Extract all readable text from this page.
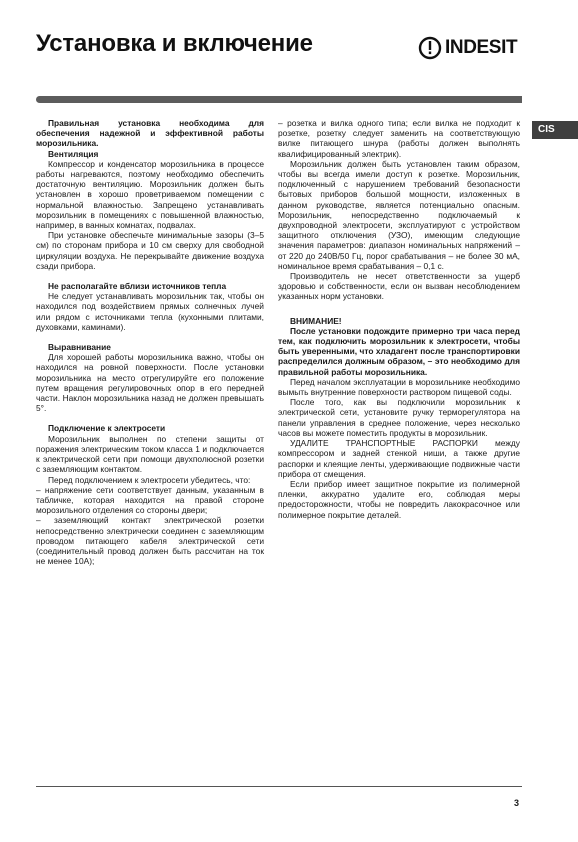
Установка и включение	INDESIT
CIS

Правильная установка необходима для обеспечения надежной и эффективной работы морозильника.

Вентиляция

Компрессор и конденсатор морозильника в процессе работы нагреваются, поэтому необходимо обеспечить достаточную вентиляцию. Морозильник должен быть установлен в хорошо проветриваемом помещении с нормальной влажностью. Запрещено устанавливать морозильник в помещениях с повышенной влажностью, например, в ванных комнатах, подвалах.

При установке обеспечьте минимальные зазоры (3–5 см) по сторонам прибора и 10 см сверху для свободной циркуляции воздуха. Не перекрывайте движение воздуха сзади прибора.

Не располагайте вблизи источников тепла

Не следует устанавливать морозильник так, чтобы он находился под воздействием прямых солнечных лучей или рядом с источниками тепла (кухонными плитами, духовками, каминами).

Выравнивание

Для хорошей работы морозильника важно, чтобы он находился на ровной поверхности. После установки морозильника на место отрегулируйте его положение путем вращения регулировочных опор в его передней части. Наклон морозильника назад не должен превышать 5°.

Подключение к электросети

Морозильник выполнен по степени защиты от поражения электрическим током класса 1 и подключается к электрической сети при помощи двухполюсной розетки с заземляющим контактом.

Перед подключением к электросети убедитесь, что:

– напряжение сети соответствует данным, указанным в табличке, которая находится на правой стороне морозильного отделения со стороны двери;

– заземляющий контакт электрической розетки непосредственно электрически соединен с заземляющим проводом питающего кабеля электрической сети (соединительный провод должен быть рассчитан на ток не менее 10А);

– розетка и вилка одного типа; если вилка не подходит к розетке, розетку следует заменить на соответствующую вилке питающего шнура (работы должен выполнять квалифицированный электрик).

Морозильник должен быть установлен таким образом, чтобы вы всегда имели доступ к розетке. Морозильник, подключенный с нарушением требований безопасности бытовых приборов большой мощности, изложенных в данном руководстве, является потенциально опасным. Морозильник, непосредственно подключаемый к двухпроводной электросети, эксплуатируют с устройством защитного отключения (УЗО), имеющим следующие значения параметров: диапазон номинальных напряжений – от 220 до 240В/50 Гц, порог срабатывания – не более 30 мА, номинальное время срабатывания – 0,1 с.

Производитель не несет ответственности за ущерб здоровью и собственности, если он вызван несоблюдением указанных норм установки.

ВНИМАНИЕ!

После установки подождите примерно три часа перед тем, как подключить морозильник к электросети, чтобы быть уверенными, что хладагент после транспортировки распределился должным образом, – это необходимо для правильной работы морозильника.

Перед началом эксплуатации в морозильнике необходимо вымыть внутренние поверхности раствором пищевой соды.

После того, как вы подключили морозильник к электрической сети, установите ручку терморегулятора на панели управления в среднее положение, через несколько часов вы можете поместить продукты в морозильник.

УДАЛИТЕ ТРАНСПОРТНЫЕ РАСПОРКИ между компрессором и задней стенкой ниши, а также другие распорки и клеящие ленты, удерживающие подвижные части прибора от смещения.

Если прибор имеет защитное покрытие из полимерной пленки, аккуратно удалите его, соблюдая меры предосторожности, чтобы не повредить лакокрасочное или полимерное покрытие деталей.

3
